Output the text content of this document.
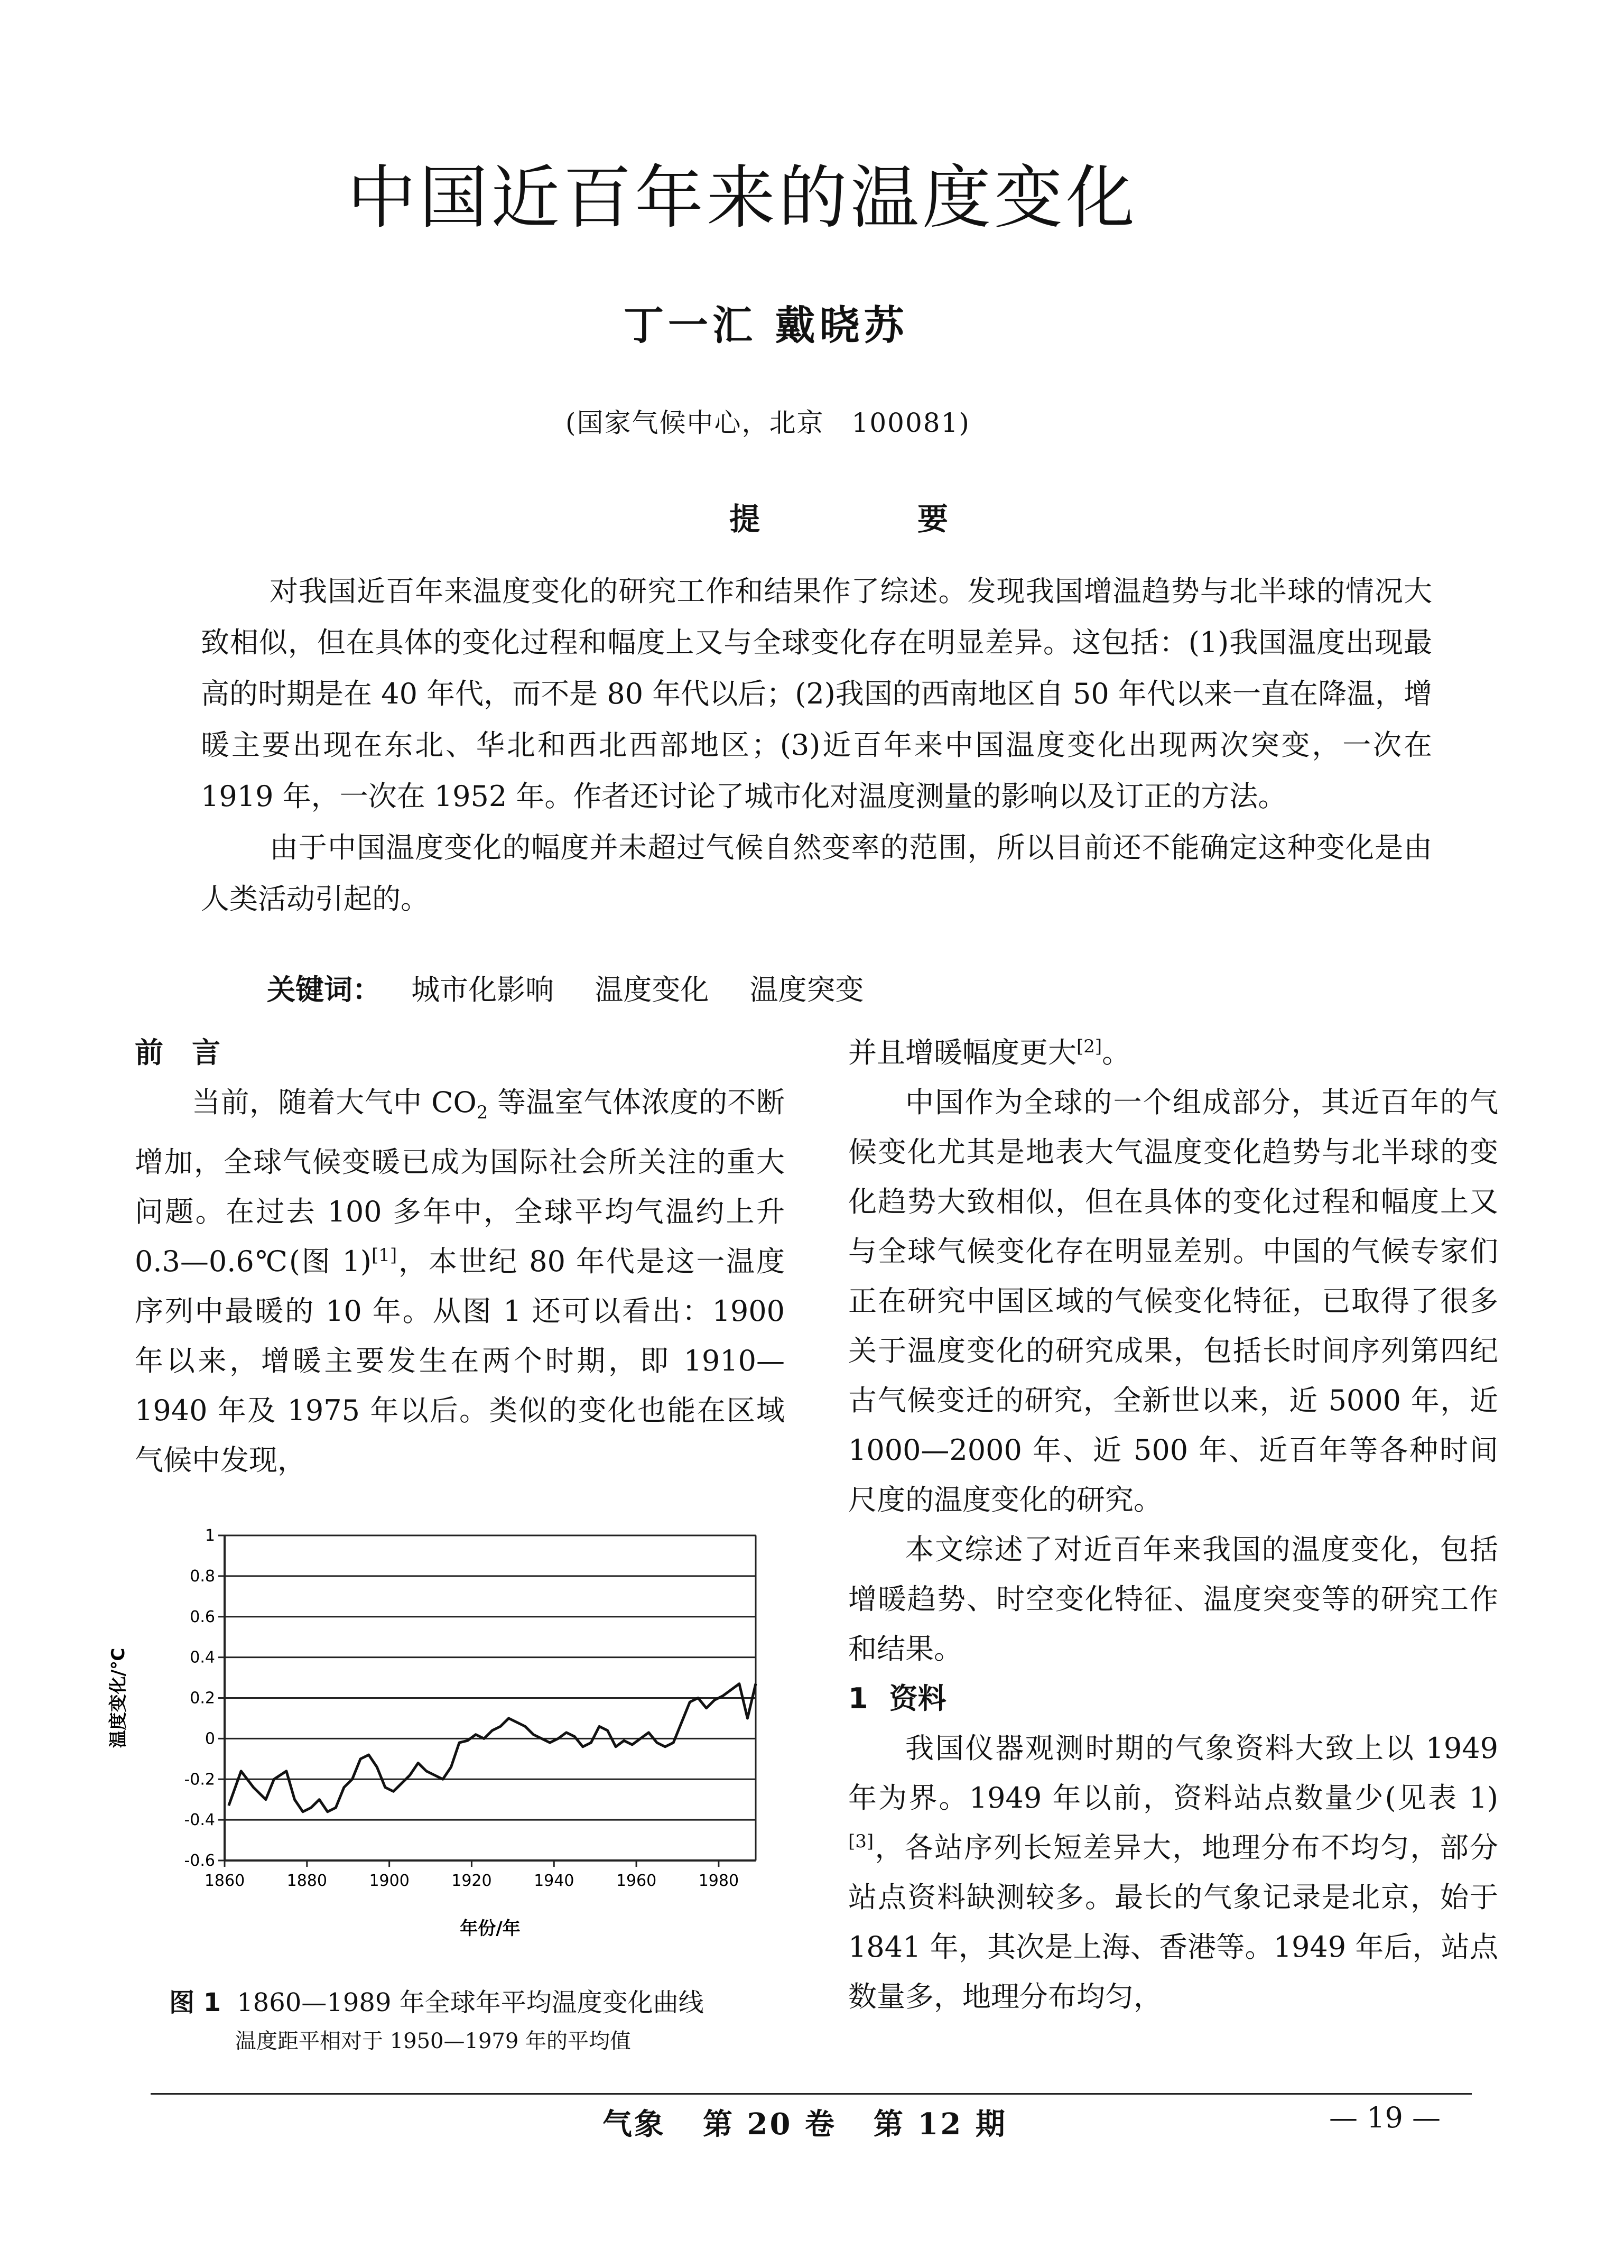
中国近百年来的温度变化
丁一汇 戴晓苏
(国家气候中心，北京　100081)
提　要

对我国近百年来温度变化的研究工作和结果作了综述。发现我国增温趋势与北半球的情况大致相似，但在具体的变化过程和幅度上又与全球变化存在明显差异。这包括：(1)我国温度出现最高的时期是在 40 年代，而不是 80 年代以后；(2)我国的西南地区自 50 年代以来一直在降温，增暖主要出现在东北、华北和西北西部地区；(3)近百年来中国温度变化出现两次突变，一次在 1919 年，一次在 1952 年。作者还讨论了城市化对温度测量的影响以及订正的方法。

由于中国温度变化的幅度并未超过气候自然变率的范围，所以目前还不能确定这种变化是由人类活动引起的。

关键词： 城市化影响 温度变化 温度突变

前　言

当前，随着大气中 $CO_2$ 等温室气体浓度的不断增加，全球气候变暖已成为国际社会所关注的重大问题。在过去 100 多年中，全球平均气温约上升 0.3—0.6℃(图 1)[1]，本世纪 80 年代是这一温度序列中最暖的 10 年。从图 1 还可以看出：1900 年以来，增暖主要发生在两个时期，即 1910—1940 年及 1975 年以后。类似的变化也能在区域气候中发现，

-0.6
-0.4
-0.2
0
0.2
0.4
0.6
0.8
1
1860	1880	1900	1920	1940	1960	1980
年份/年
温度变化/℃
图 1 1860—1989 年全球年平均温度变化曲线
温度距平相对于 1950—1979 年的平均值

并且增暖幅度更大[2]。

中国作为全球的一个组成部分，其近百年的气候变化尤其是地表大气温度变化趋势与北半球的变化趋势大致相似，但在具体的变化过程和幅度上又与全球气候变化存在明显差别。中国的气候专家们正在研究中国区域的气候变化特征，已取得了很多关于温度变化的研究成果，包括长时间序列第四纪古气候变迁的研究，全新世以来，近 5000 年，近 1000—2000 年、近 500 年、近百年等各种时间尺度的温度变化的研究。

本文综述了对近百年来我国的温度变化，包括增暖趋势、时空变化特征、温度突变等的研究工作和结果。

1 资料

我国仪器观测时期的气象资料大致上以 1949 年为界。1949 年以前，资料站点数量少(见表 1)[3]，各站序列长短差异大，地理分布不均匀，部分站点资料缺测较多。最长的气象记录是北京，始于 1841 年，其次是上海、香港等。1949 年后，站点数量多，地理分布均匀，

气象 第 20 卷 第 12 期	— 19 —
